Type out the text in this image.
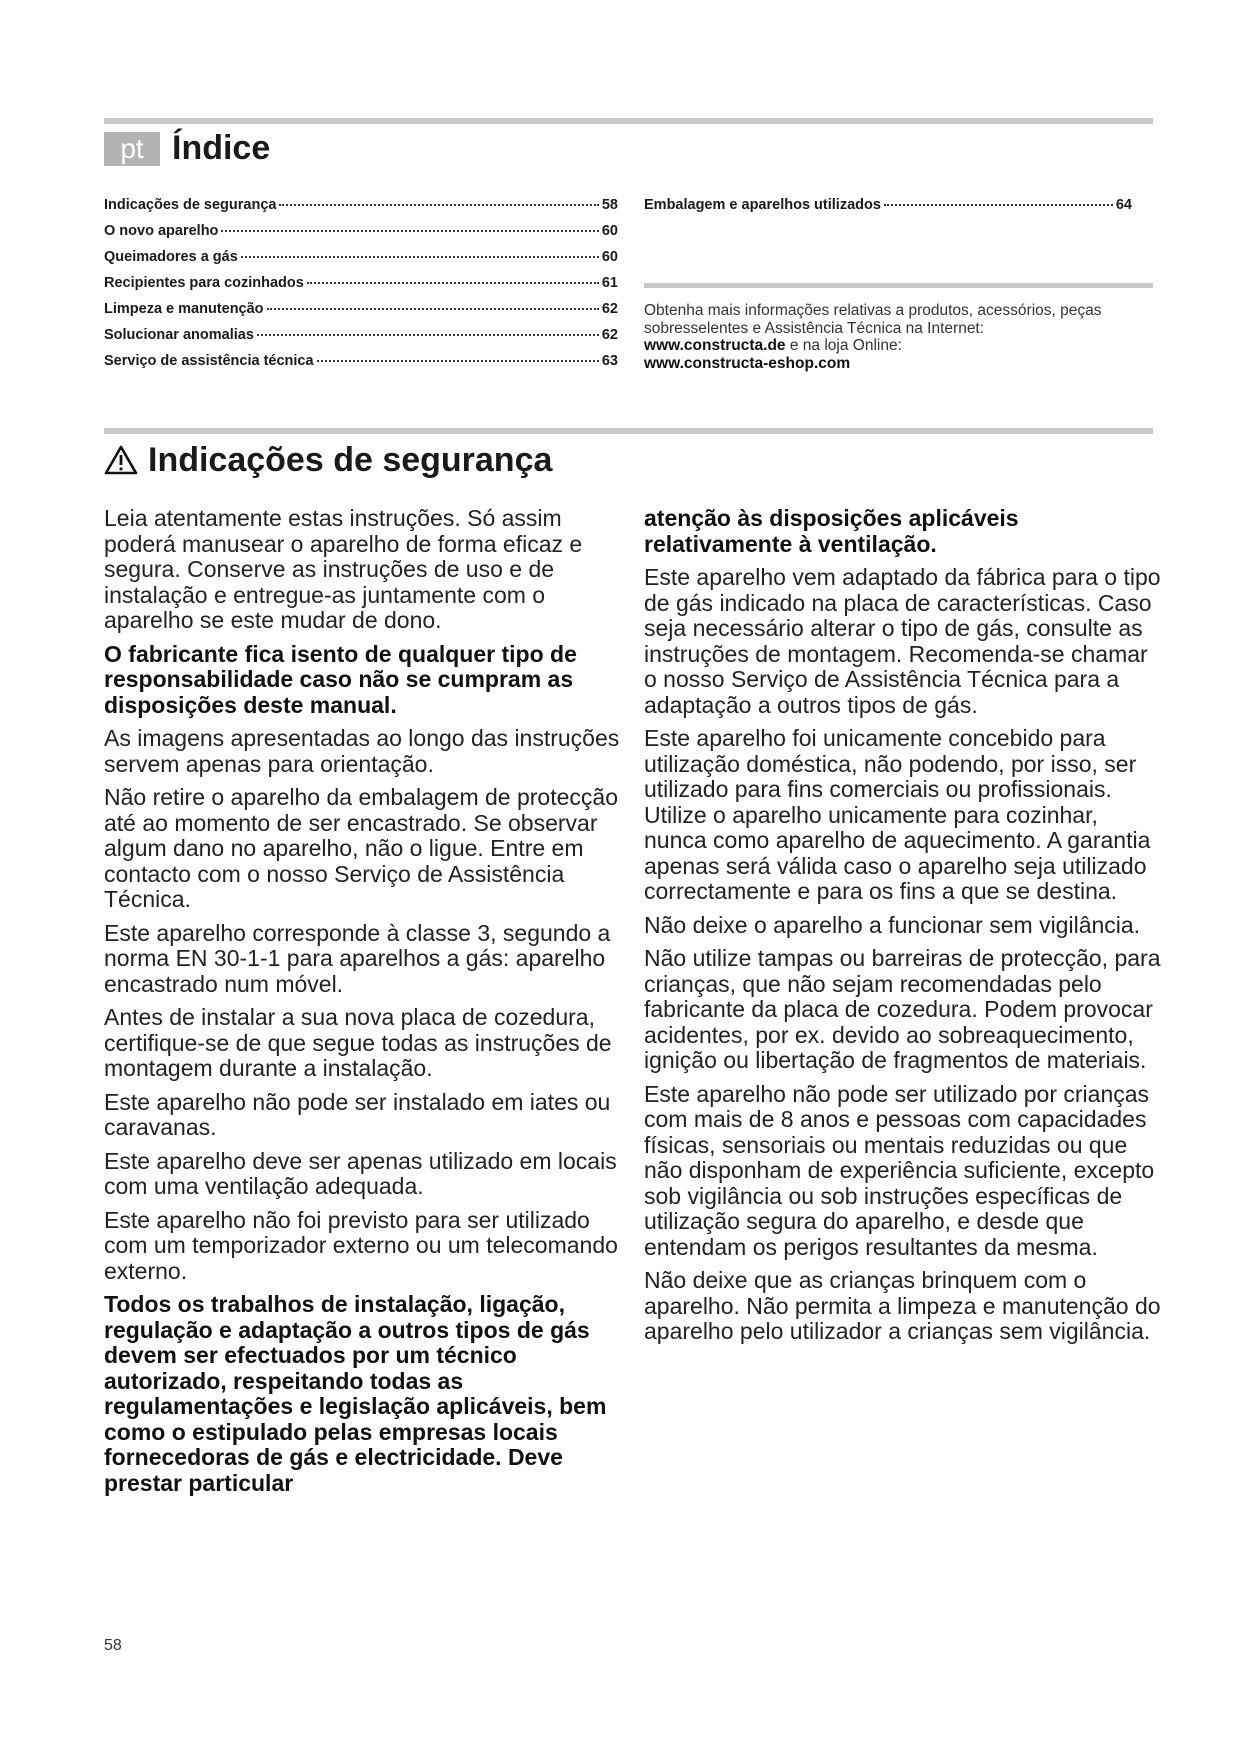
pt Índice
Indicações de segurança	58
O novo aparelho	60
Queimadores a gás	60
Recipientes para cozinhados	61
Limpeza e manutenção	62
Solucionar anomalias	62
Serviço de assistência técnica	63
Embalagem e aparelhos utilizados	64
Obtenha mais informações relativas a produtos, acessórios, peças sobresselentes e Assistência Técnica na Internet:
www.constructa.de e na loja Online:
www.constructa-eshop.com
Indicações de segurança

Leia atentamente estas instruções. Só assim poderá manusear o aparelho de forma eficaz e segura. Conserve as instruções de uso e de instalação e entregue-as juntamente com o aparelho se este mudar de dono.

O fabricante fica isento de qualquer tipo de responsabilidade caso não se cumpram as disposições deste manual.

As imagens apresentadas ao longo das instruções servem apenas para orientação.

Não retire o aparelho da embalagem de protecção até ao momento de ser encastrado. Se observar algum dano no aparelho, não o ligue. Entre em contacto com o nosso Serviço de Assistência Técnica.

Este aparelho corresponde à classe 3, segundo a norma EN 30-1-1 para aparelhos a gás: aparelho encastrado num móvel.

Antes de instalar a sua nova placa de cozedura, certifique-se de que segue todas as instruções de montagem durante a instalação.

Este aparelho não pode ser instalado em iates ou caravanas.

Este aparelho deve ser apenas utilizado em locais com uma ventilação adequada.

Este aparelho não foi previsto para ser utilizado com um temporizador externo ou um telecomando externo.

Todos os trabalhos de instalação, ligação, regulação e adaptação a outros tipos de gás devem ser efectuados por um técnico autorizado, respeitando todas as regulamentações e legislação aplicáveis, bem como o estipulado pelas empresas locais fornecedoras de gás e electricidade. Deve prestar particular

atenção às disposições aplicáveis relativamente à ventilação.

Este aparelho vem adaptado da fábrica para o tipo de gás indicado na placa de características. Caso seja necessário alterar o tipo de gás, consulte as instruções de montagem. Recomenda-se chamar o nosso Serviço de Assistência Técnica para a adaptação a outros tipos de gás.

Este aparelho foi unicamente concebido para utilização doméstica, não podendo, por isso, ser utilizado para fins comerciais ou profissionais. Utilize o aparelho unicamente para cozinhar, nunca como aparelho de aquecimento. A garantia apenas será válida caso o aparelho seja utilizado correctamente e para os fins a que se destina.

Não deixe o aparelho a funcionar sem vigilância.

Não utilize tampas ou barreiras de protecção, para crianças, que não sejam recomendadas pelo fabricante da placa de cozedura. Podem provocar acidentes, por ex. devido ao sobreaquecimento, ignição ou libertação de fragmentos de materiais.

Este aparelho não pode ser utilizado por crianças com mais de 8 anos e pessoas com capacidades físicas, sensoriais ou mentais reduzidas ou que não disponham de experiência suficiente, excepto sob vigilância ou sob instruções específicas de utilização segura do aparelho, e desde que entendam os perigos resultantes da mesma.

Não deixe que as crianças brinquem com o aparelho. Não permita a limpeza e manutenção do aparelho pelo utilizador a crianças sem vigilância.

58
